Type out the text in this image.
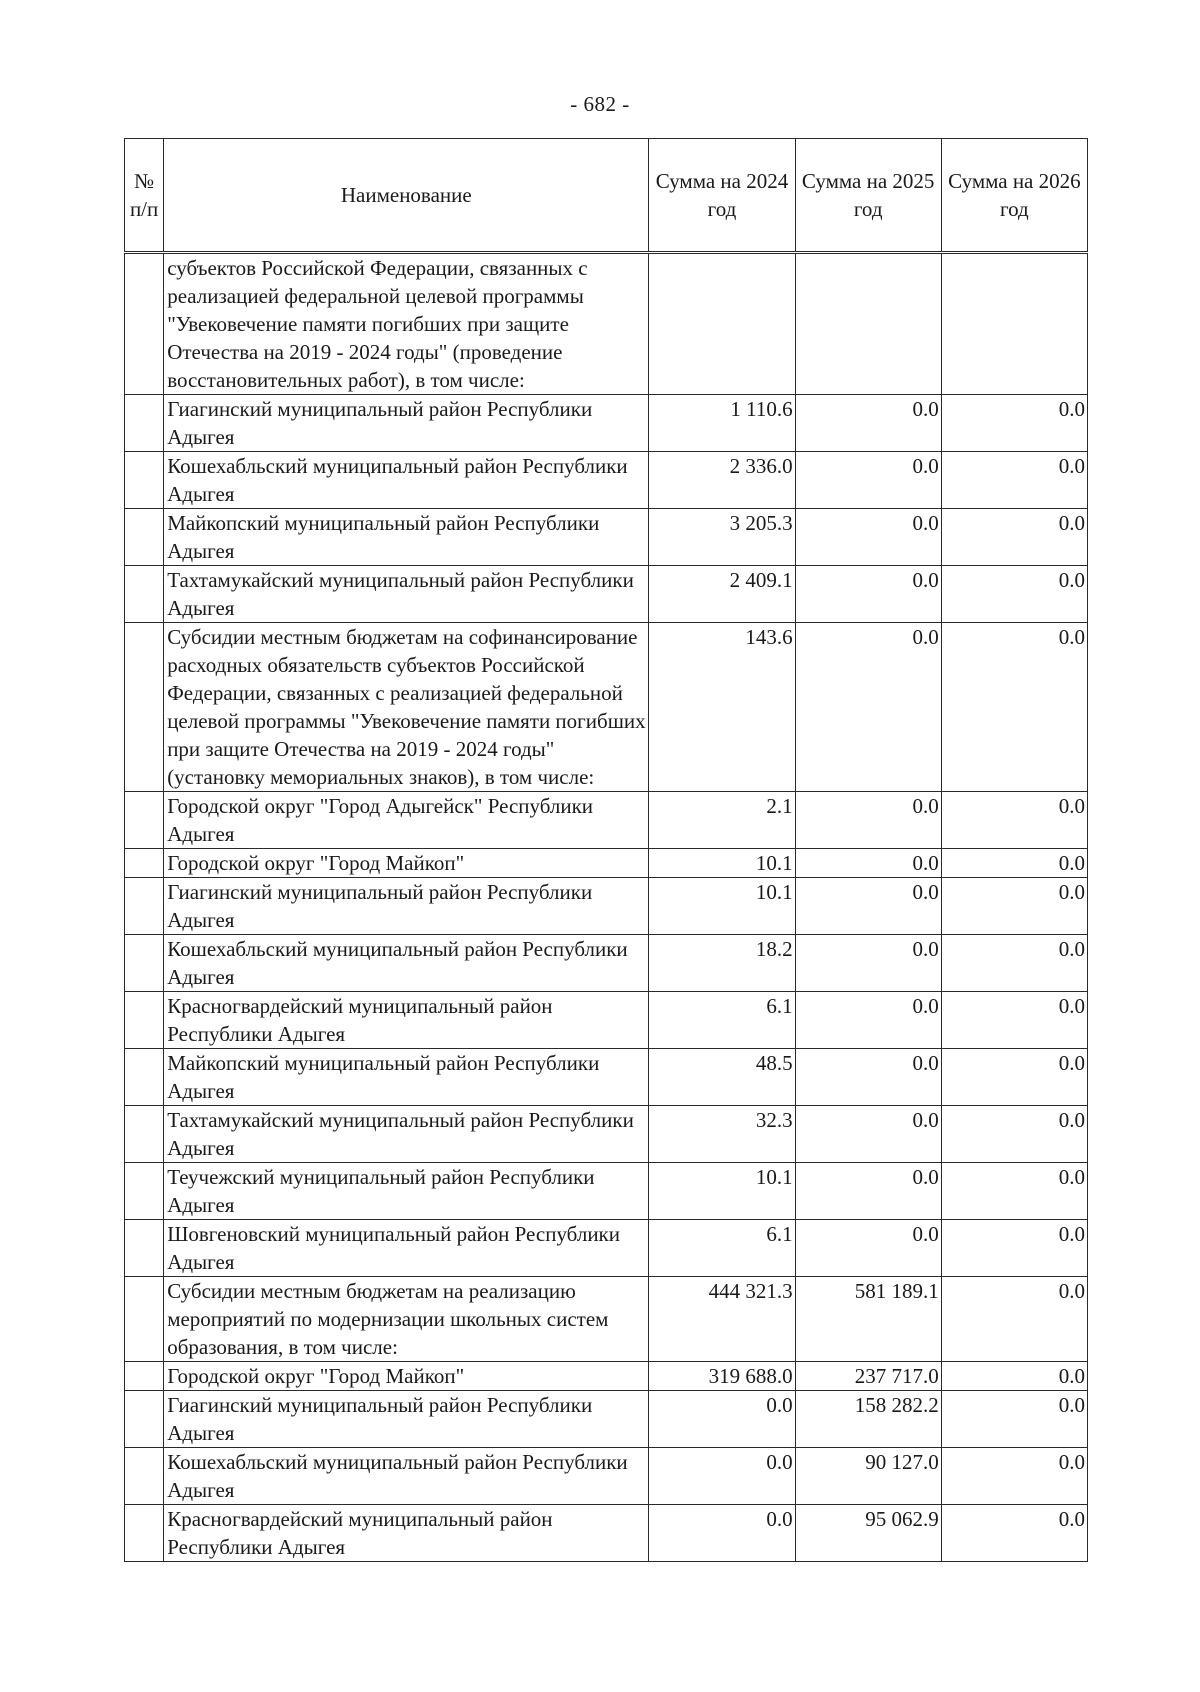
- 682 -
№ п/п	Наименование	Сумма на 2024 год	Сумма на 2025 год	Сумма на 2026 год
	субъектов Российской Федерации, связанных с реализацией федеральной целевой программы "Увековечение памяти погибших при защите Отечества на 2019 - 2024 годы" (проведение восстановительных работ), в том числе:			
	Гиагинский муниципальный район Республики Адыгея	1 110.6	0.0	0.0
	Кошехабльский муниципальный район Республики Адыгея	2 336.0	0.0	0.0
	Майкопский муниципальный район Республики Адыгея	3 205.3	0.0	0.0
	Тахтамукайский муниципальный район Республики Адыгея	2 409.1	0.0	0.0
	Субсидии местным бюджетам на софинансирование расходных обязательств субъектов Российской Федерации, связанных с реализацией федеральной целевой программы "Увековечение памяти погибших при защите Отечества на 2019 - 2024 годы" (установку мемориальных знаков), в том числе:	143.6	0.0	0.0
	Городской округ "Город Адыгейск" Республики Адыгея	2.1	0.0	0.0
	Городской округ "Город Майкоп"	10.1	0.0	0.0
	Гиагинский муниципальный район Республики Адыгея	10.1	0.0	0.0
	Кошехабльский муниципальный район Республики Адыгея	18.2	0.0	0.0
	Красногвардейский муниципальный район Республики Адыгея	6.1	0.0	0.0
	Майкопский муниципальный район Республики Адыгея	48.5	0.0	0.0
	Тахтамукайский муниципальный район Республики Адыгея	32.3	0.0	0.0
	Теучежский муниципальный район Республики Адыгея	10.1	0.0	0.0
	Шовгеновский муниципальный район Республики Адыгея	6.1	0.0	0.0
	Субсидии местным бюджетам на реализацию мероприятий по модернизации школьных систем образования, в том числе:	444 321.3	581 189.1	0.0
	Городской округ "Город Майкоп"	319 688.0	237 717.0	0.0
	Гиагинский муниципальный район Республики Адыгея	0.0	158 282.2	0.0
	Кошехабльский муниципальный район Республики Адыгея	0.0	90 127.0	0.0
	Красногвардейский муниципальный район Республики Адыгея	0.0	95 062.9	0.0
